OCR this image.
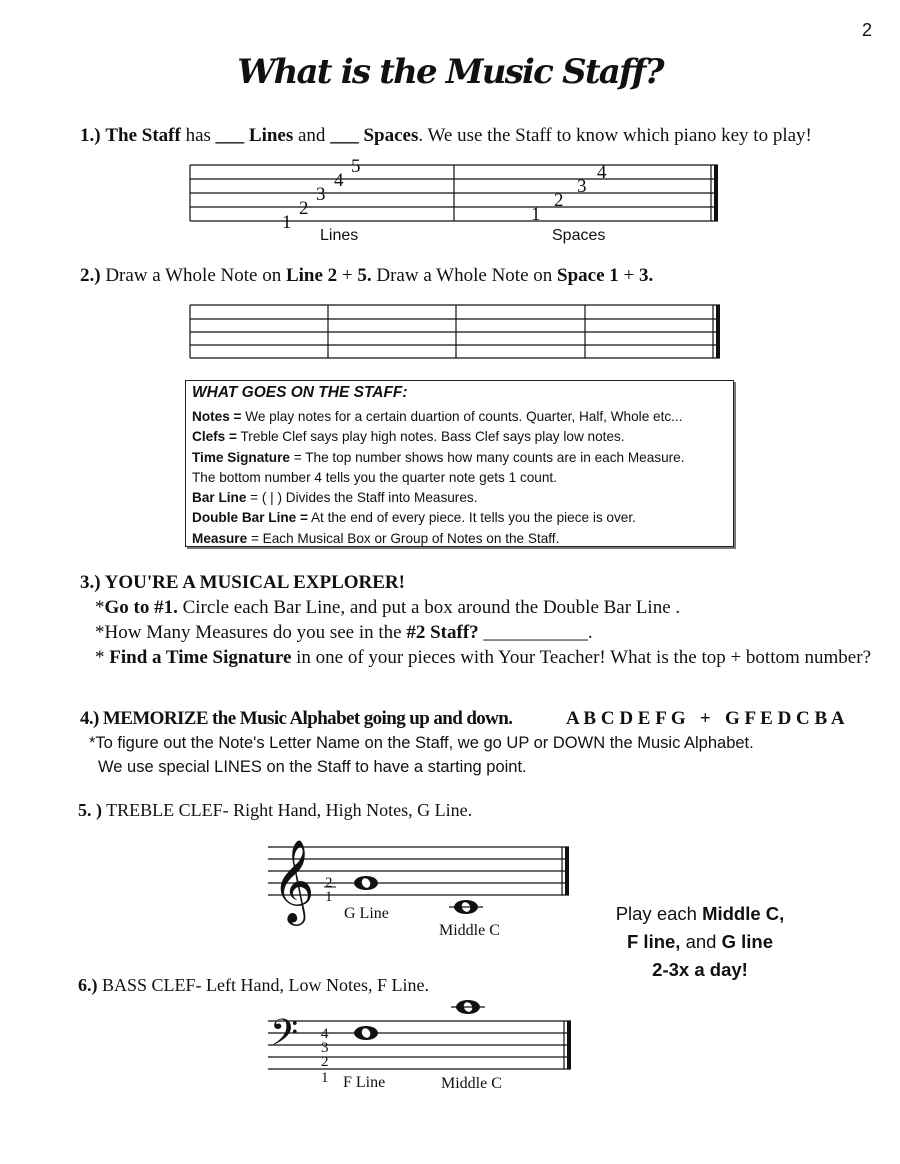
2
What is the Music Staff?
1.) The Staff has ___ Lines and ___ Spaces. We use the Staff to know which piano key to play!
1
2
3
4
5
1
2
3
4
Lines	Spaces
𝄞 2
1
G Line
Middle C
𝄢 4
3
2
1 F Line	Middle C
2.) Draw a Whole Note on Line 2 + 5. Draw a Whole Note on Space 1 + 3.
WHAT GOES ON THE STAFF:
Notes = We play notes for a certain duartion of counts. Quarter, Half, Whole etc...
Clefs = Treble Clef says play high notes. Bass Clef says play low notes.
Time Signature = The top number shows how many counts are in each Measure.
The bottom number 4 tells you the quarter note gets 1 count.
Bar Line = ( | ) Divides the Staff into Measures.
Double Bar Line = At the end of every piece. It tells you the piece is over.
Measure = Each Musical Box or Group of Notes on the Staff.
3.) YOU'RE A MUSICAL EXPLORER!
*Go to #1. Circle each Bar Line, and put a box around the Double Bar Line .
*How Many Measures do you see in the #2 Staff? ___________.
* Find a Time Signature in one of your pieces with Your Teacher! What is the top + bottom number?
4.) MEMORIZE the Music Alphabet going up and down.	A B C D E F G   +   G F E D C B A
*To figure out the Note's Letter Name on the Staff, we go UP or DOWN the Music Alphabet.
We use special LINES on the Staff to have a starting point.
5. ) TREBLE CLEF- Right Hand, High Notes, G Line.
6.) BASS CLEF- Left Hand, Low Notes, F Line.
Play each Middle C,
F line, and G line
2-3x a day!
